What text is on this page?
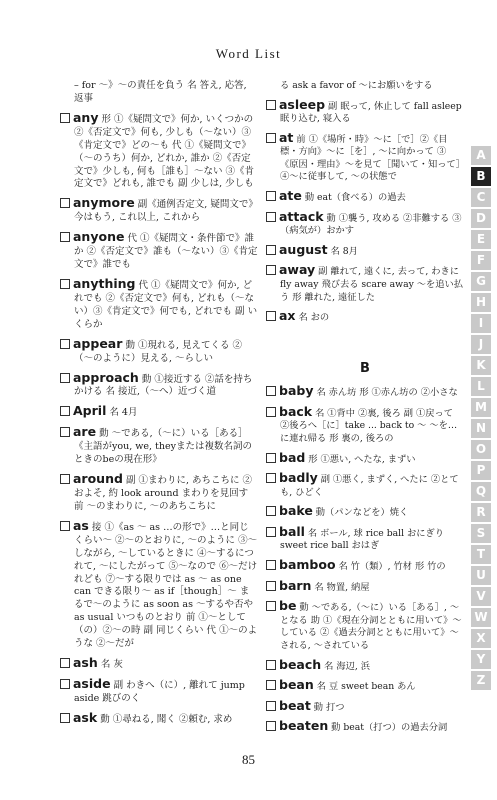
Word List
– for ～》～の責任を負う 名 答え, 応答, 返事
any 形 ①《疑問文で》何か, いくつかの ②《否定文で》何も, 少しも（～ない）③《肯定文で》どの～も 代 ①《疑問文で》（～のうち）何か, どれか, 誰か ②《否定文で》少しも, 何も［誰も］～ない ③《肯定文で》どれも, 誰でも 副 少しは, 少しも
anymore 副《通例否定文, 疑問文で》今はもう, これ以上, これから
anyone 代 ①《疑問文・条件節で》誰か ②《否定文で》誰も（～ない）③《肯定文で》誰でも
anything 代 ①《疑問文で》何か, どれでも ②《否定文で》何も, どれも（～ない）③《肯定文で》何でも, どれでも 副 いくらか
appear 動 ①現れる, 見えてくる ②（～のように）見える, ～らしい
approach 動 ①接近する ②話を持ちかける 名 接近,（～へ）近づく道
April 名 4月
are 動 ～である,（～に）いる［ある］《主語がyou, we, theyまたは複数名詞のときのbeの現在形》
around 副 ①まわりに, あちこちに ②およそ, 約 look around まわりを見回す 前 ～のまわりに, ～のあちこちに
as 接 ①《as ～ as …の形で》…と同じくらい～ ②～のとおりに, ～のように ③～しながら, ～しているときに ④～するにつれて, ～にしたがって ⑤～なので ⑥～だけれども ⑦～する限りでは as ～ as one can できる限り～ as if［though］～ まるで～のように as soon as ～するや否や as usual いつものとおり 前 ①～として（の）②～の時 副 同じくらい 代 ①～のような ②～だが
ash 名 灰
aside 副 わきへ（に）, 離れて jump aside 跳びのく
ask 動 ①尋ねる, 聞く ②頼む, 求め
る ask a favor of ～にお願いをする
asleep 副 眠って, 休止して fall asleep 眠り込む, 寝入る
at 前 ①《場所・時》～に［で］②《目標・方向》～に［を］, ～に向かって ③《原因・理由》～を見て［聞いて・知って］④～に従事して, ～の状態で
ate 動 eat（食べる）の過去
attack 動 ①襲う, 攻める ②非難する ③（病気が）おかす
august 名 8月
away 副 離れて, 遠くに, 去って, わきに fly away 飛び去る scare away ～を追い払う 形 離れた, 遠征した
ax 名 おの
B
baby 名 赤ん坊 形 ①赤ん坊の ②小さな
back 名 ①背中 ②裏, 後ろ 副 ①戻って ②後ろへ［に］take ... back to ～ ～を…に連れ帰る 形 裏の, 後ろの
bad 形 ①悪い, へたな, まずい
badly 副 ①悪く, まずく, へたに ②とても, ひどく
bake 動（パンなどを）焼く
ball 名 ボール, 球 rice ball おにぎり sweet rice ball おはぎ
bamboo 名 竹（類）, 竹材 形 竹の
barn 名 物置, 納屋
be 動 ～である,（～に）いる［ある］, ～となる 助 ①《現在分詞とともに用いて》～している ②《過去分詞とともに用いて》～される, ～されている
beach 名 海辺, 浜
bean 名 豆 sweet bean あん
beat 動 打つ
beaten 動 beat（打つ）の過去分詞
A
B
C
D
E
F
G
H
I
J
K
L
M
N
O
P
Q
R
S
T
U
V
W
X
Y
Z
85
